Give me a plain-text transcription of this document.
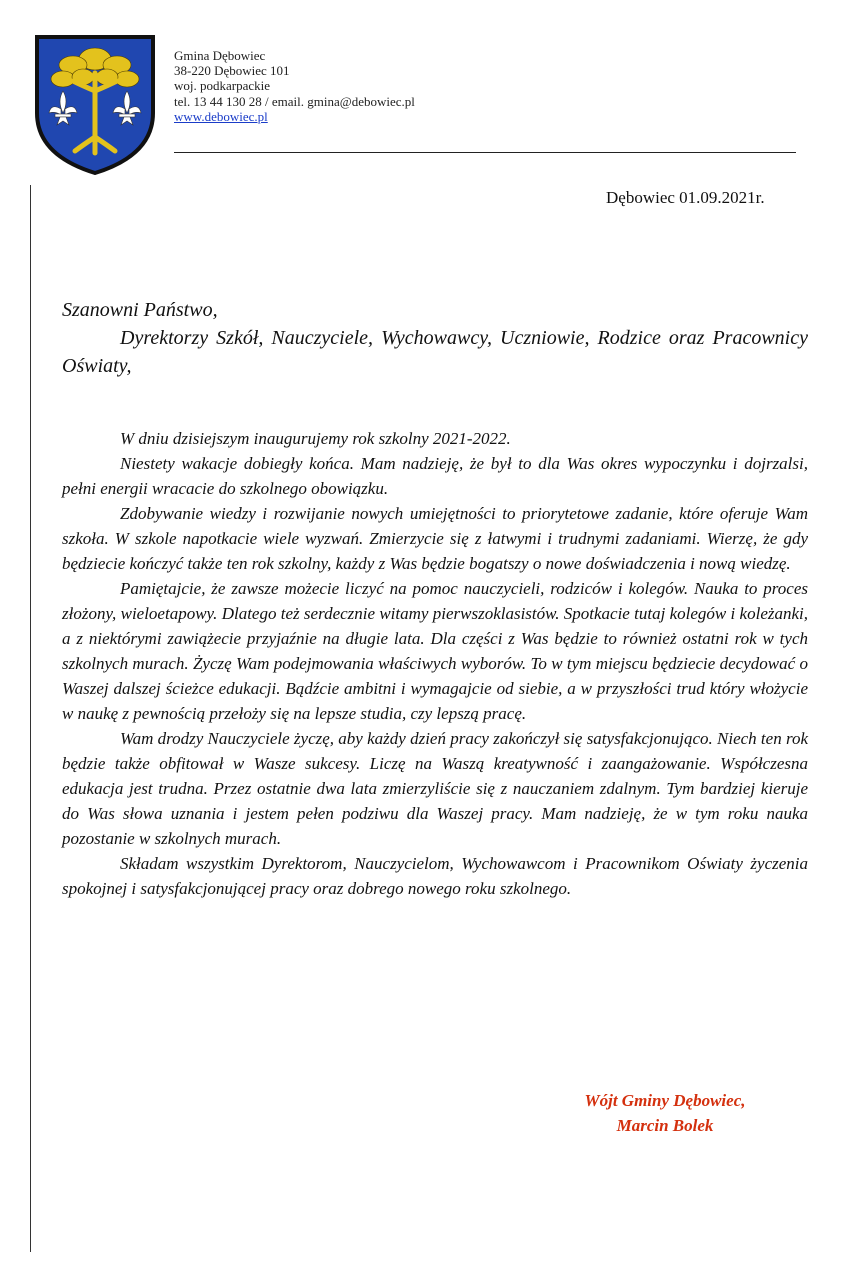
Gmina Dębowiec
38-220 Dębowiec 101
woj. podkarpackie
tel. 13 44 130 28 / email. gmina@debowiec.pl
www.debowiec.pl
Dębowiec 01.09.2021r.
Szanowni Państwo,
Dyrektorzy Szkół, Nauczyciele, Wychowawcy, Uczniowie, Rodzice oraz Pracownicy Oświaty,

W dniu dzisiejszym inaugurujemy rok szkolny 2021-2022.

Niestety wakacje dobiegły końca. Mam nadzieję, że był to dla Was okres wypoczynku i dojrzalsi, pełni energii wracacie do szkolnego obowiązku.

Zdobywanie wiedzy i rozwijanie nowych umiejętności to priorytetowe zadanie, które oferuje Wam szkoła. W szkole napotkacie wiele wyzwań. Zmierzycie się z łatwymi i trudnymi zadaniami. Wierzę, że gdy będziecie kończyć także ten rok szkolny, każdy z Was będzie bogatszy o nowe doświadczenia i nową wiedzę.

Pamiętajcie, że zawsze możecie liczyć na pomoc nauczycieli, rodziców i kolegów. Nauka to proces złożony, wieloetapowy. Dlatego też serdecznie witamy pierwszoklasistów. Spotkacie tutaj kolegów i koleżanki, a z niektórymi zawiążecie przyjaźnie na długie lata. Dla części z Was będzie to również ostatni rok w tych szkolnych murach. Życzę Wam podejmowania właściwych wyborów. To w tym miejscu będziecie decydować o Waszej dalszej ścieżce edukacji. Bądźcie ambitni i wymagajcie od siebie, a w przyszłości trud który włożycie w naukę z pewnością przełoży się na lepsze studia, czy lepszą pracę.

Wam drodzy Nauczyciele życzę, aby każdy dzień pracy zakończył się satysfakcjonująco. Niech ten rok będzie także obfitował w Wasze sukcesy. Liczę na Waszą kreatywność i zaangażowanie. Współczesna edukacja jest trudna. Przez ostatnie dwa lata zmierzyliście się z nauczaniem zdalnym. Tym bardziej kieruje do Was słowa uznania i jestem pełen podziwu dla Waszej pracy. Mam nadzieję, że w tym roku nauka pozostanie w szkolnych murach.

Składam wszystkim Dyrektorom, Nauczycielom, Wychowawcom i Pracownikom Oświaty życzenia spokojnej i satysfakcjonującej pracy oraz dobrego nowego roku szkolnego.

Wójt Gminy Dębowiec,
Marcin Bolek
